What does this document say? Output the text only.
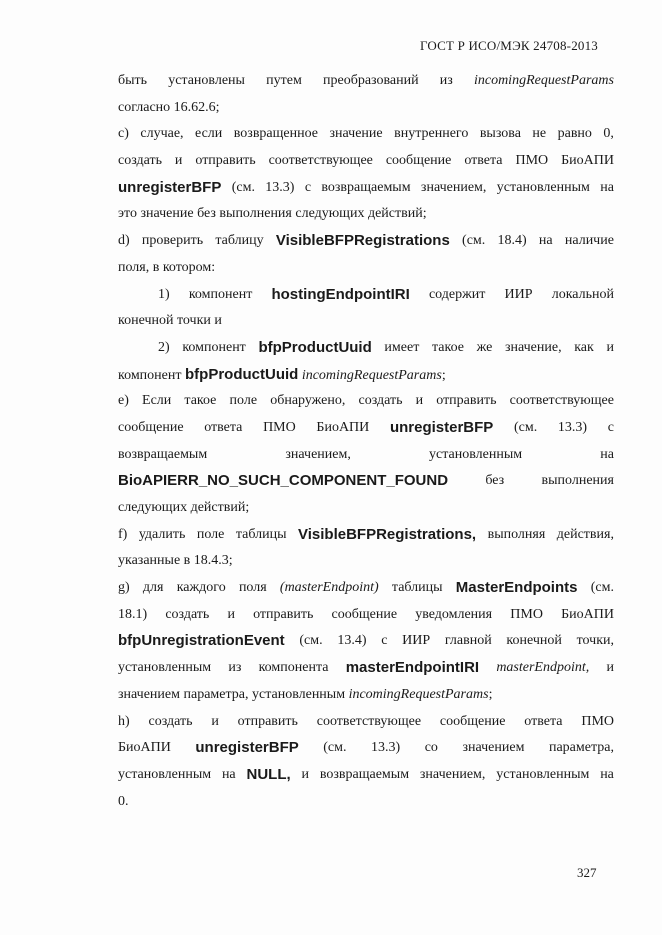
ГОСТ Р ИСО/МЭК 24708-2013
быть установлены путем преобразований из incomingRequestParams
согласно 16.62.6;
c) случае, если возвращенное значение внутреннего вызова не равно 0,
создать и отправить соответствующее сообщение ответа ПМО БиоАПИ
unregisterBFP (см. 13.3) с возвращаемым значением, установленным на
это значение без выполнения следующих действий;
d) проверить таблицу VisibleBFPRegistrations (см. 18.4) на наличие
поля, в котором:
1) компонент hostingEndpointIRI содержит ИИР локальной
конечной точки и
2) компонент bfpProductUuid имеет такое же значение, как и
компонент bfpProductUuid incomingRequestParams;
e) Если такое поле обнаружено, создать и отправить соответствующее
сообщение ответа ПМО БиоАПИ unregisterBFP (см. 13.3) с
возвращаемым	значением,	установленным	на
BioAPIERR_NO_SUCH_COMPONENT_FOUND	без	выполнения
следующих действий;
f) удалить поле таблицы VisibleBFPRegistrations, выполняя действия,
указанные в 18.4.3;
g) для каждого поля (masterEndpoint) таблицы MasterEndpoints (см.
18.1) создать и отправить сообщение уведомления ПМО БиоАПИ
bfpUnregistrationEvent (см. 13.4) с ИИР главной конечной точки,
установленным из компонента masterEndpointIRI masterEndpoint, и
значением параметра, установленным incomingRequestParams;
h) создать и отправить соответствующее сообщение ответа ПМО
БиоАПИ unregisterBFP (см. 13.3) со значением параметра,
установленным на NULL, и возвращаемым значением, установленным на
0.
327
